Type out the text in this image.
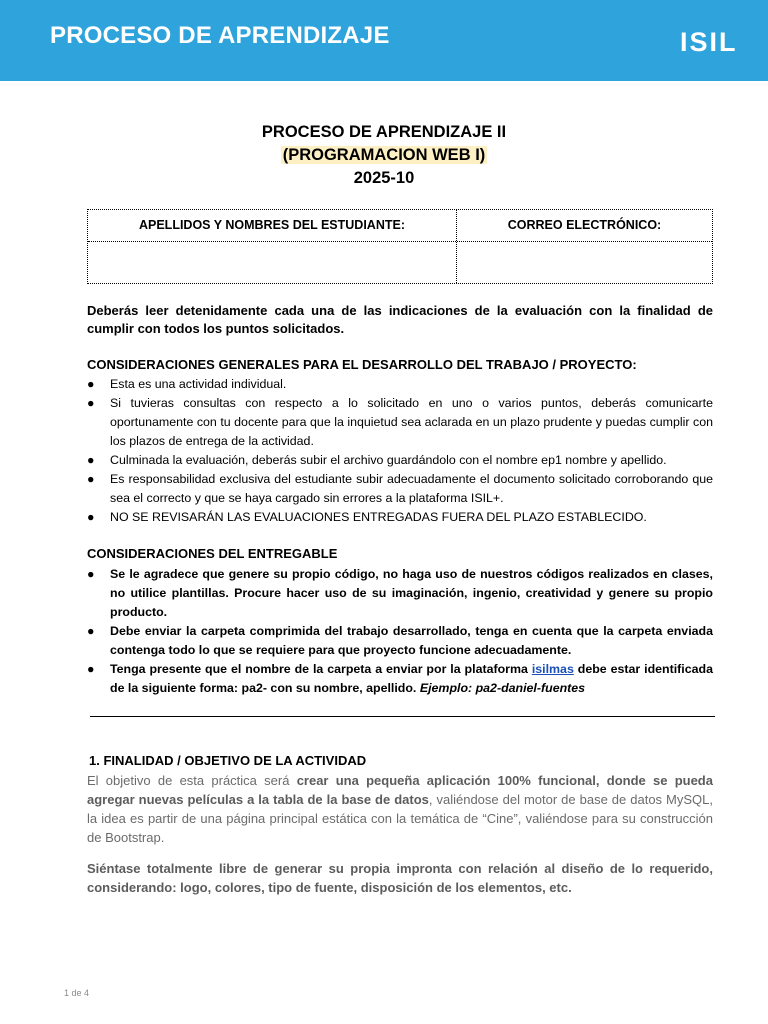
PROCESO DE APRENDIZAJE	ISIL
PROCESO DE APRENDIZAJE II
(PROGRAMACION WEB I)
2025-10
APELLIDOS Y NOMBRES DEL ESTUDIANTE:	CORREO ELECTRÓNICO:
Deberás leer detenidamente cada una de las indicaciones de la evaluación con la finalidad de cumplir con todos los puntos solicitados.
CONSIDERACIONES GENERALES PARA EL DESARROLLO DEL TRABAJO / PROYECTO:
● Esta es una actividad individual.
● Si tuvieras consultas con respecto a lo solicitado en uno o varios puntos, deberás comunicarte oportunamente con tu docente para que la inquietud sea aclarada en un plazo prudente y puedas cumplir con los plazos de entrega de la actividad.
● Culminada la evaluación, deberás subir el archivo guardándolo con el nombre ep1 nombre y apellido.
● Es responsabilidad exclusiva del estudiante subir adecuadamente el documento solicitado corroborando que sea el correcto y que se haya cargado sin errores a la plataforma ISIL+.
● NO SE REVISARÁN LAS EVALUACIONES ENTREGADAS FUERA DEL PLAZO ESTABLECIDO.
CONSIDERACIONES DEL ENTREGABLE
● Se le agradece que genere su propio código, no haga uso de nuestros códigos realizados en clases, no utilice plantillas. Procure hacer uso de su imaginación, ingenio, creatividad y genere su propio producto.
● Debe enviar la carpeta comprimida del trabajo desarrollado, tenga en cuenta que la carpeta enviada contenga todo lo que se requiere para que proyecto funcione adecuadamente.
● Tenga presente que el nombre de la carpeta a enviar por la plataforma isilmas debe estar identificada de la siguiente forma: pa2- con su nombre, apellido. Ejemplo: pa2-daniel-fuentes
1. FINALIDAD / OBJETIVO DE LA ACTIVIDAD
El objetivo de esta práctica será crear una pequeña aplicación 100% funcional, donde se pueda agregar nuevas películas a la tabla de la base de datos, valiéndose del motor de base de datos MySQL, la idea es partir de una página principal estática con la temática de “Cine”, valiéndose para su construcción de Bootstrap.
Siéntase totalmente libre de generar su propia impronta con relación al diseño de lo requerido, considerando: logo, colores, tipo de fuente, disposición de los elementos, etc.
1 de 4
